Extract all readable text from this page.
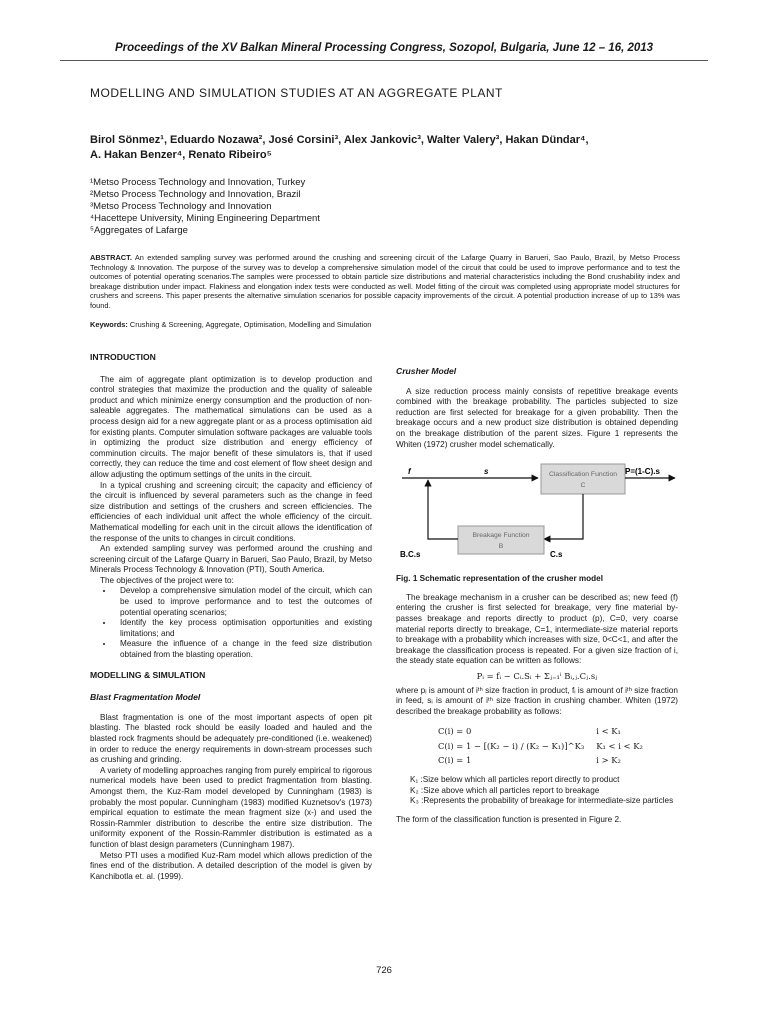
Proceedings of the XV Balkan Mineral Processing Congress, Sozopol, Bulgaria, June 12 – 16, 2013
MODELLING AND SIMULATION STUDIES AT AN AGGREGATE PLANT
Birol Sönmez¹, Eduardo Nozawa², José Corsini³, Alex Jankovic³, Walter Valery³, Hakan Dündar⁴,
A. Hakan Benzer⁴, Renato Ribeiro⁵
¹Metso Process Technology and Innovation, Turkey
²Metso Process Technology and Innovation, Brazil
³Metso Process Technology and Innovation
⁴Hacettepe University, Mining Engineering Department
⁵Aggregates of Lafarge
ABSTRACT. An extended sampling survey was performed around the crushing and screening circuit of the Lafarge Quarry in Barueri, Sao Paulo, Brazil, by Metso Process Technology & Innovation. The purpose of the survey was to develop a comprehensive simulation model of the circuit that could be used to improve performance and to test the outcomes of potential operating scenarios.The samples were processed to obtain particle size distributions and material characteristics including the Bond crushability index and breakage distribution under impact. Flakiness and elongation index tests were conducted as well. Model fitting of the circuit was completed using appropriate model structures for crushers and screens. This paper presents the alternative simulation scenarios for possible capacity improvements of the circuit. A potential production increase of up to 13% was found.
Keywords: Crushing & Screening, Aggregate, Optimisation, Modelling and Simulation
INTRODUCTION

The aim of aggregate plant optimization is to develop production and control strategies that maximize the production and the quality of saleable product and which minimize energy consumption and the production of non-saleable aggregates. The mathematical simulations can be used as a process design aid for a new aggregate plant or as a process optimisation aid for existing plants. Computer simulation software packages are valuable tools in optimizing the product size distribution and energy efficiency of comminution circuits. The major benefit of these simulators is, that if used correctly, they can reduce the time and cost element of flow sheet design and allow adjusting the optimum settings of the units in the circuit.

In a typical crushing and screening circuit; the capacity and efficiency of the circuit is influenced by several parameters such as the change in feed size distribution and settings of the crushers and screen efficiencies. The efficiencies of each individual unit affect the whole efficiency of the circuit. Mathematical modelling for each unit in the circuit allows the identification of the response of the units to changes in circuit conditions.

An extended sampling survey was performed around the crushing and screening circuit of the Lafarge Quarry in Barueri, Sao Paulo, Brazil, by Metso Minerals Process Technology & Innovation (PTI), South America.

The objectives of the project were to:

• Develop a comprehensive simulation model of the circuit, which can be used to improve performance and to test the outcomes of potential operating scenarios;
• Identify the key process optimisation opportunities and existing limitations; and
• Measure the influence of a change in the feed size distribution obtained from the blasting operation.
MODELLING & SIMULATION
Blast Fragmentation Model

Blast fragmentation is one of the most important aspects of open pit blasting. The blasted rock should be easily loaded and hauled and the blasted rock fragments should be adequately pre-conditioned (i.e. weakened) in order to reduce the energy requirements in down-stream processes such as crushing and grinding.

A variety of modelling approaches ranging from purely empirical to rigorous numerical models have been used to predict fragmentation from blasting. Amongst them, the Kuz-Ram model developed by Cunningham (1983) is probably the most popular. Cunningham (1983) modified Kuznetsov's (1973) empirical equation to estimate the mean fragment size (x-) and used the Rossin-Rammler distribution to describe the entire size distribution. The uniformity exponent of the Rossin-Rammler distribution is estimated as a function of blast design parameters (Cunningham 1987).

Metso PTI uses a modified Kuz-Ram model which allows prediction of the fines end of the distribution. A detailed description of the model is given by Kanchibotla et. al. (1999).

Crusher Model

A size reduction process mainly consists of repetitive breakage events combined with the breakage probability. The particles subjected to size reduction are first selected for breakage for a given probability. Then the breakage occurs and a new product size distribution is obtained depending on the breakage distribution of the parent sizes. Figure 1 represents the Whiten (1972) crusher model schematically.

Classification Function
C
Breakage Function
B
f	s	P=(1-C).s
B.C.s	C.s
Fig. 1 Schematic representation of the crusher model

The breakage mechanism in a crusher can be described as; new feed (f) entering the crusher is first selected for breakage, very fine material by-passes breakage and reports directly to product (p), C=0, very coarse material reports directly to breakage, C=1, intermediate-size material reports to breakage with a probability which increases with size, 0<C<1, and after the breakage the classification process is repeated. For a given size fraction of i, the steady state equation can be written as follows:

Pᵢ = fᵢ − Cᵢ.Sᵢ + Σⱼ₌₁ⁱ Bᵢ,ⱼ.Cⱼ.sⱼ

where pᵢ is amount of iᵗʰ size fraction in product, fᵢ is amount of iᵗʰ size fraction in feed, sᵢ is amount of iᵗʰ size fraction in crushing chamber. Whiten (1972) described the breakage probability as follows:

C(i) = 0	i < K₁
C(i) = 1 − [(K₂ − i) / (K₂ − K₁)]^K₃	K₁ < i < K₂
C(i) = 1	i > K₂
K₁ :Size below which all particles report directly to product
K₂ :Size above which all particles report to breakage
K₃ :Represents the probability of breakage for intermediate-size particles

The form of the classification function is presented in Figure 2.

726
